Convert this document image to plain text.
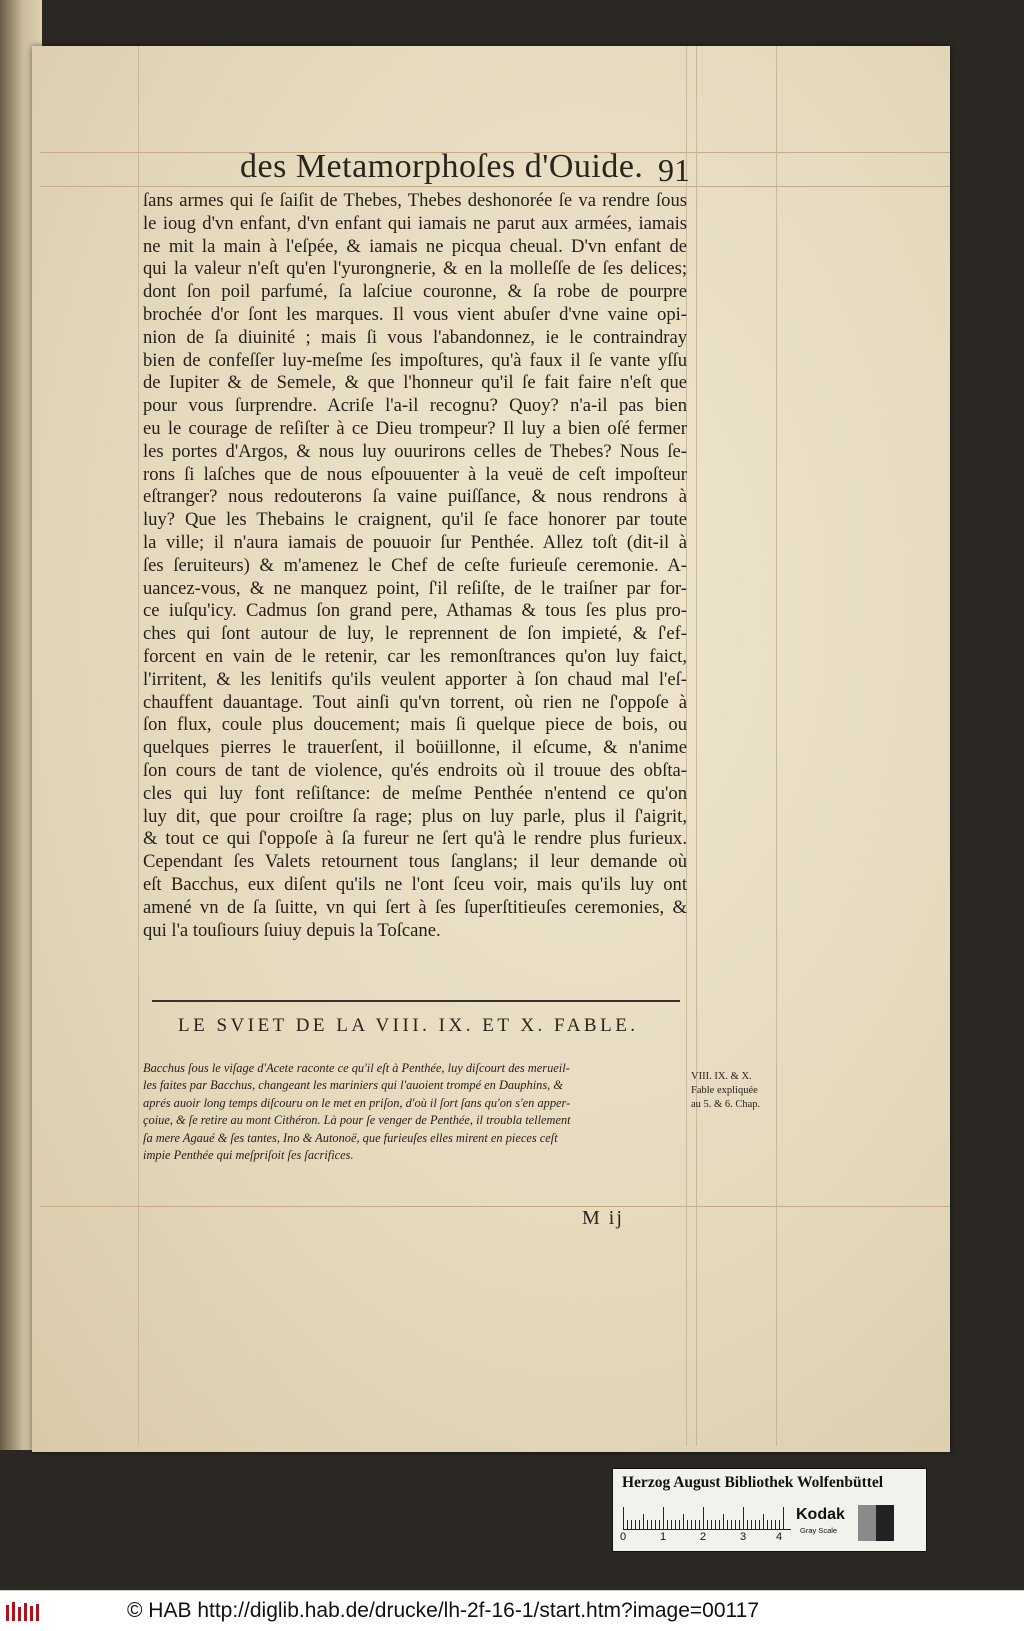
des Metamorphoſes d'Ouide. 91
ſans armes qui ſe ſaiſit de Thebes, Thebes deshonorée ſe va rendre ſous
le ioug d'vn enfant, d'vn enfant qui iamais ne parut aux armées, iamais
ne mit la main à l'eſpée, & iamais ne picqua cheual. D'vn enfant de
qui la valeur n'eſt qu'en l'yurongnerie, & en la molleſſe de ſes delices;
dont ſon poil parfumé, ſa laſciue couronne, & ſa robe de pourpre
brochée d'or ſont les marques. Il vous vient abuſer d'vne vaine opi-
nion de ſa diuinité ; mais ſi vous l'abandonnez, ie le contraindray
bien de confeſſer luy-meſme ſes impoſtures, qu'à faux il ſe vante yſſu
de Iupiter & de Semele, & que l'honneur qu'il ſe fait faire n'eſt que
pour vous ſurprendre. Acriſe l'a-il recognu? Quoy? n'a-il pas bien
eu le courage de reſiſter à ce Dieu trompeur? Il luy a bien oſé fermer
les portes d'Argos, & nous luy ouurirons celles de Thebes? Nous ſe-
rons ſi laſches que de nous eſpouuenter à la veuë de ceſt impoſteur
eſtranger? nous redouterons ſa vaine puiſſance, & nous rendrons à
luy? Que les Thebains le craignent, qu'il ſe face honorer par toute
la ville; il n'aura iamais de pouuoir ſur Penthée. Allez toſt (dit-il à
ſes ſeruiteurs) & m'amenez le Chef de ceſte furieuſe ceremonie. A-
uancez-vous, & ne manquez point, ſ'il reſiſte, de le traiſner par for-
ce iuſqu'icy. Cadmus ſon grand pere, Athamas & tous ſes plus pro-
ches qui ſont autour de luy, le reprennent de ſon impieté, & ſ'ef-
forcent en vain de le retenir, car les remonſtrances qu'on luy faict,
l'irritent, & les lenitifs qu'ils veulent apporter à ſon chaud mal l'eſ-
chauffent dauantage. Tout ainſi qu'vn torrent, où rien ne ſ'oppoſe à
ſon flux, coule plus doucement; mais ſi quelque piece de bois, ou
quelques pierres le trauerſent, il boüillonne, il eſcume, & n'anime
ſon cours de tant de violence, qu'és endroits où il trouue des obſta-
cles qui luy font reſiſtance: de meſme Penthée n'entend ce qu'on
luy dit, que pour croiſtre ſa rage; plus on luy parle, plus il ſ'aigrit,
& tout ce qui ſ'oppoſe à ſa fureur ne ſert qu'à le rendre plus furieux.
Cependant ſes Valets retournent tous ſanglans; il leur demande où
eſt Bacchus, eux diſent qu'ils ne l'ont ſceu voir, mais qu'ils luy ont
amené vn de ſa ſuitte, vn qui ſert à ſes ſuperſtitieuſes ceremonies, &
qui l'a touſiours ſuiuy depuis la Toſcane.
LE SVIET DE LA VIII. IX. ET X. FABLE.
Bacchus ſous le viſage d'Acete raconte ce qu'il eſt à Penthée, luy diſcourt des merueil-
les faites par Bacchus, changeant les mariniers qui l'auoient trompé en Dauphins, &
aprés auoir long temps diſcouru on le met en priſon, d'où il ſort ſans qu'on s'en apper-
çoiue, & ſe retire au mont Cithéron. Là pour ſe venger de Penthée, il troubla tellement
ſa mere Agaué & ſes tantes, Ino & Autonoë, que furieuſes elles mirent en pieces ceſt
impie Penthée qui meſpriſoit ſes ſacrifices.
VIII. IX. & X.
Fable expliquée
au 5. & 6. Chap.
M ij
Herzog August Bibliothek Wolfenbüttel
0	1	2	3	4
Kodak
Gray Scale
© HAB http://diglib.hab.de/drucke/lh-2f-16-1/start.htm?image=00117
